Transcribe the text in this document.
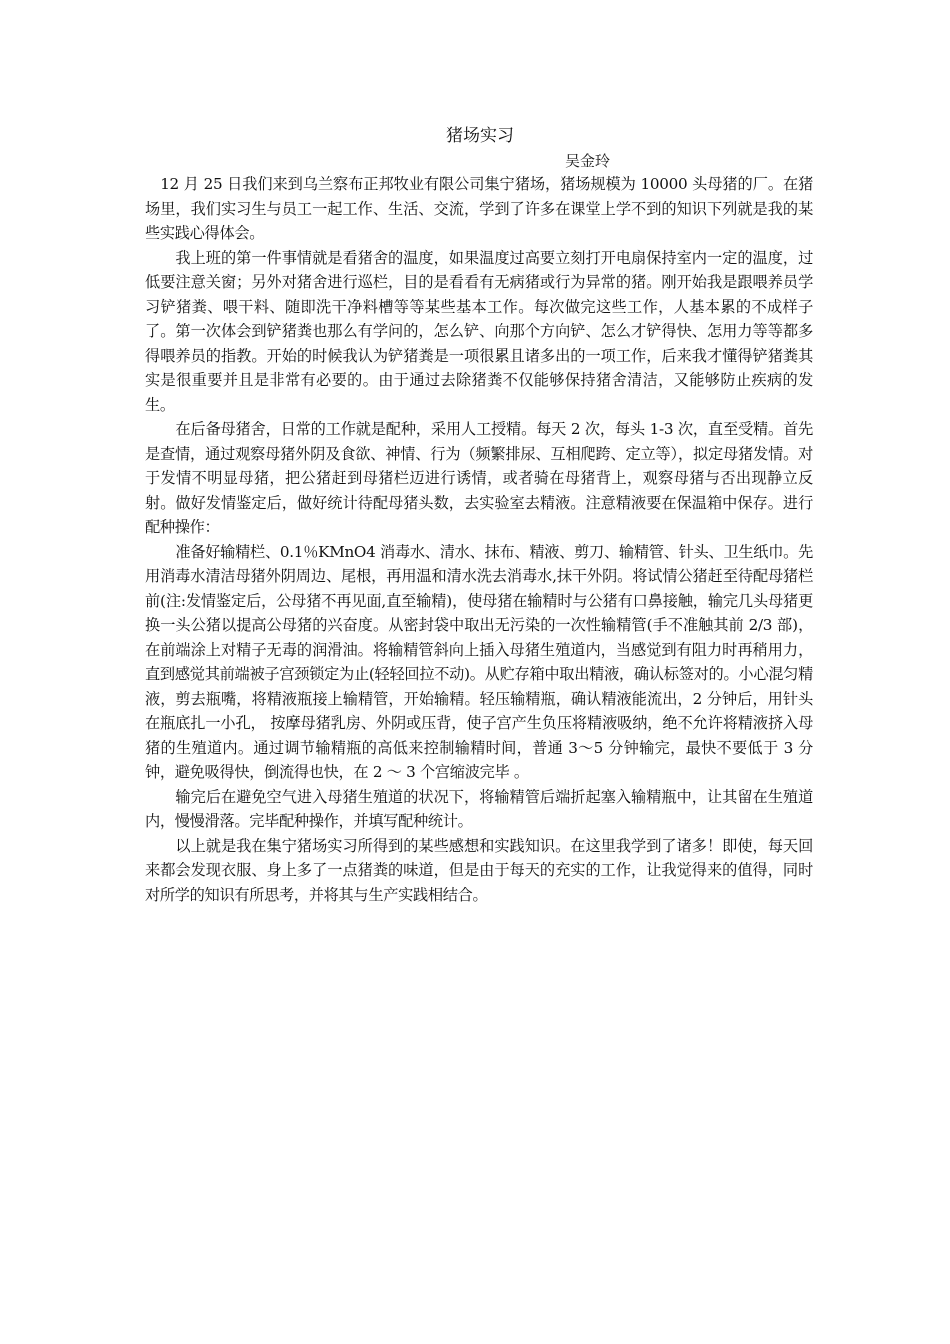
猪场实习

吴金玲

12 月 25 日我们来到乌兰察布正邦牧业有限公司集宁猪场，猪场规模为 10000 头母猪的厂。在猪场里，我们实习生与员工一起工作、生活、交流，学到了许多在课堂上学不到的知识下列就是我的某些实践心得体会。

我上班的第一件事情就是看猪舍的温度，如果温度过高要立刻打开电扇保持室内一定的温度，过低要注意关窗；另外对猪舍进行巡栏，目的是看看有无病猪或行为异常的猪。刚开始我是跟喂养员学习铲猪粪、喂干料、随即洗干净料槽等等某些基本工作。每次做完这些工作，人基本累的不成样子了。第一次体会到铲猪粪也那么有学问的，怎么铲、向那个方向铲、怎么才铲得快、怎用力等等都多得喂养员的指教。开始的时候我认为铲猪粪是一项很累且诸多出的一项工作，后来我才懂得铲猪粪其实是很重要并且是非常有必要的。由于通过去除猪粪不仅能够保持猪舍清洁，又能够防止疾病的发生。

在后备母猪舍，日常的工作就是配种，采用人工授精。每天 2 次，每头 1-3 次，直至受精。首先是查情，通过观察母猪外阴及食欲、神情、行为（频繁排尿、互相爬跨、定立等），拟定母猪发情。对于发情不明显母猪，把公猪赶到母猪栏迈进行诱情，或者骑在母猪背上，观察母猪与否出现静立反射。做好发情鉴定后，做好统计待配母猪头数，去实验室去精液。注意精液要在保温箱中保存。进行配种操作：

准备好输精栏、0.1％KMnO4 消毒水、清水、抹布、精液、剪刀、输精管、针头、卫生纸巾。先用消毒水清洁母猪外阴周边、尾根，再用温和清水洗去消毒水,抹干外阴。将试情公猪赶至待配母猪栏前(注:发情鉴定后，公母猪不再见面,直至输精)，使母猪在输精时与公猪有口鼻接触，输完几头母猪更换一头公猪以提高公母猪的兴奋度。从密封袋中取出无污染的一次性输精管(手不准触其前 2/3 部)，在前端涂上对精子无毒的润滑油。将输精管斜向上插入母猪生殖道内，当感觉到有阻力时再稍用力，直到感觉其前端被子宫颈锁定为止(轻轻回拉不动)。从贮存箱中取出精液，确认标签对的。小心混匀精液，剪去瓶嘴，将精液瓶接上输精管，开始输精。轻压输精瓶，确认精液能流出，2 分钟后，用针头在瓶底扎一小孔， 按摩母猪乳房、外阴或压背，使子宫产生负压将精液吸纳，绝不允许将精液挤入母猪的生殖道内。通过调节输精瓶的高低来控制输精时间，普通 3～5 分钟输完，最快不要低于 3 分钟，避免吸得快，倒流得也快，在 2 ～ 3 个宫缩波完毕 。

输完后在避免空气进入母猪生殖道的状况下，将输精管后端折起塞入输精瓶中，让其留在生殖道内，慢慢滑落。完毕配种操作，并填写配种统计。

以上就是我在集宁猪场实习所得到的某些感想和实践知识。在这里我学到了诸多！即使，每天回来都会发现衣服、身上多了一点猪粪的味道，但是由于每天的充实的工作，让我觉得来的值得，同时对所学的知识有所思考，并将其与生产实践相结合。
